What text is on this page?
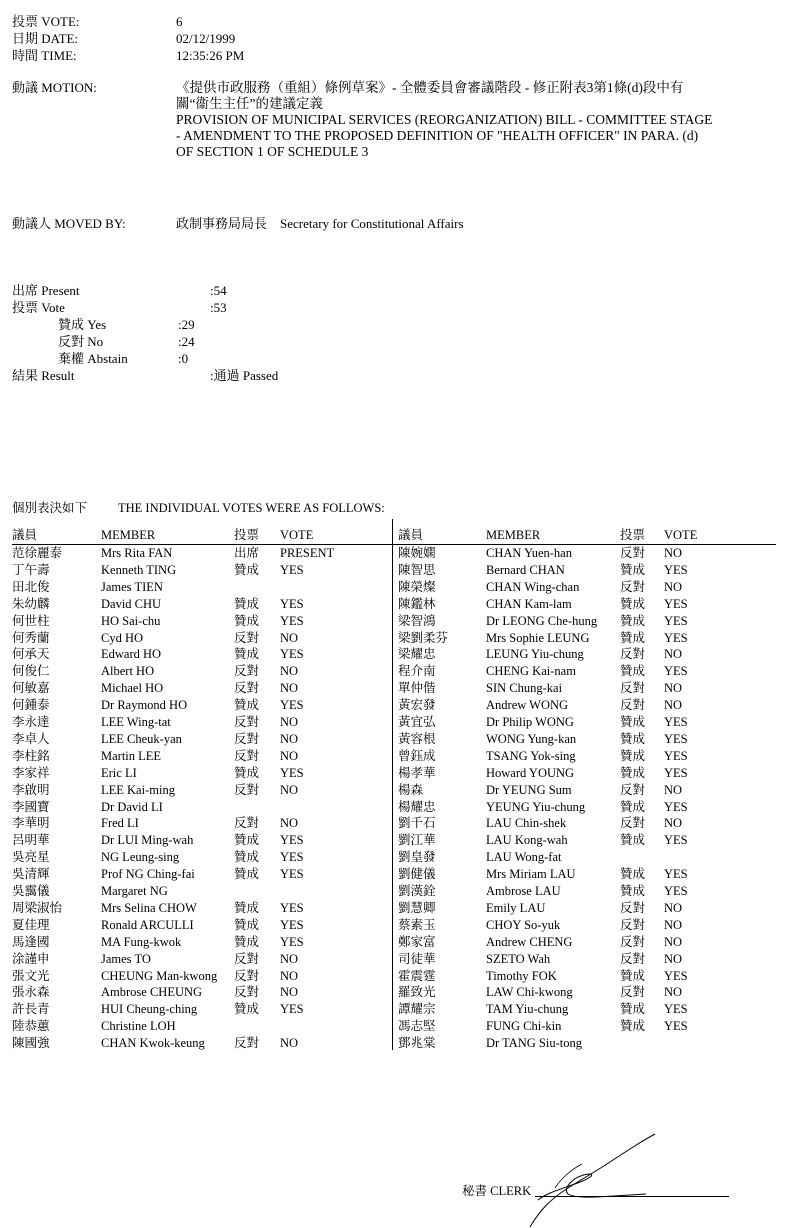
投票 VOTE:	6
日期 DATE:	02/12/1999
時間 TIME:	12:35:26 PM
動議 MOTION:	《提供市政服務（重組）條例草案》- 全體委員會審議階段 - 修正附表3第1條(d)段中有
關“衞生主任”的建議定義
PROVISION OF MUNICIPAL SERVICES (REORGANIZATION) BILL - COMMITTEE STAGE
- AMENDMENT TO THE PROPOSED DEFINITION OF "HEALTH OFFICER" IN PARA. (d)
OF SECTION 1 OF SCHEDULE 3
動議人 MOVED BY:	政制事務局局長　Secretary for Constitutional Affairs
出席 Present	:54
投票 Vote	:53
贊成 Yes	:29
反對 No	:24
棄權 Abstain	:0
結果 Result	:通過 Passed
個別表決如下 THE INDIVIDUAL VOTES WERE AS FOLLOWS:
議員	MEMBER	投票 VOTE	議員	MEMBER	投票 VOTE
范徐麗泰	Mrs Rita FAN	出席 PRESENT
丁午壽	Kenneth TING	贊成 YES
田北俊	James TIEN
朱幼麟	David CHU	贊成 YES
何世柱	HO Sai-chu	贊成 YES
何秀蘭	Cyd HO	反對 NO
何承天	Edward HO	贊成 YES
何俊仁	Albert HO	反對 NO
何敏嘉	Michael HO	反對 NO
何鍾泰	Dr Raymond HO	贊成 YES
李永達	LEE Wing-tat	反對 NO
李卓人	LEE Cheuk-yan	反對 NO
李柱銘	Martin LEE	反對 NO
李家祥	Eric LI	贊成 YES
李啟明	LEE Kai-ming	反對 NO
李國寶	Dr David LI
李華明	Fred LI	反對 NO
呂明華	Dr LUI Ming-wah	贊成 YES
吳亮星	NG Leung-sing	贊成 YES
吳清輝	Prof NG Ching-fai	贊成 YES
吳靄儀	Margaret NG
周梁淑怡	Mrs Selina CHOW	贊成 YES
夏佳理	Ronald ARCULLI	贊成 YES
馬逢國	MA Fung-kwok	贊成 YES
涂謹申	James TO	反對 NO
張文光	CHEUNG Man-kwong 反對 NO
張永森	Ambrose CHEUNG	反對 NO
許長青	HUI Cheung-ching	贊成 YES
陸恭蕙	Christine LOH
陳國強	CHAN Kwok-keung 反對 NO
陳婉嫻	CHAN Yuen-han	反對 NO
陳智思	Bernard CHAN	贊成 YES
陳榮燦	CHAN Wing-chan	反對 NO
陳鑑林	CHAN Kam-lam	贊成 YES
梁智鴻	Dr LEONG Che-hung 贊成 YES
梁劉柔芬	Mrs Sophie LEUNG 贊成 YES
梁耀忠	LEUNG Yiu-chung	反對 NO
程介南	CHENG Kai-nam	贊成 YES
單仲偕	SIN Chung-kai	反對 NO
黃宏發	Andrew WONG	反對 NO
黃宜弘	Dr Philip WONG	贊成 YES
黃容根	WONG Yung-kan	贊成 YES
曾鈺成	TSANG Yok-sing	贊成 YES
楊孝華	Howard YOUNG	贊成 YES
楊森	Dr YEUNG Sum	反對 NO
楊耀忠	YEUNG Yiu-chung	贊成 YES
劉千石	LAU Chin-shek	反對 NO
劉江華	LAU Kong-wah	贊成 YES
劉皇發	LAU Wong-fat
劉健儀	Mrs Miriam LAU	贊成 YES
劉漢銓	Ambrose LAU	贊成 YES
劉慧卿	Emily LAU	反對 NO
蔡素玉	CHOY So-yuk	反對 NO
鄭家富	Andrew CHENG	反對 NO
司徒華	SZETO Wah	反對 NO
霍震霆	Timothy FOK	贊成 YES
羅致光	LAW Chi-kwong	反對 NO
譚耀宗	TAM Yiu-chung	贊成 YES
馮志堅	FUNG Chi-kin	贊成 YES
鄧兆棠	Dr TANG Siu-tong
秘書 CLERK
